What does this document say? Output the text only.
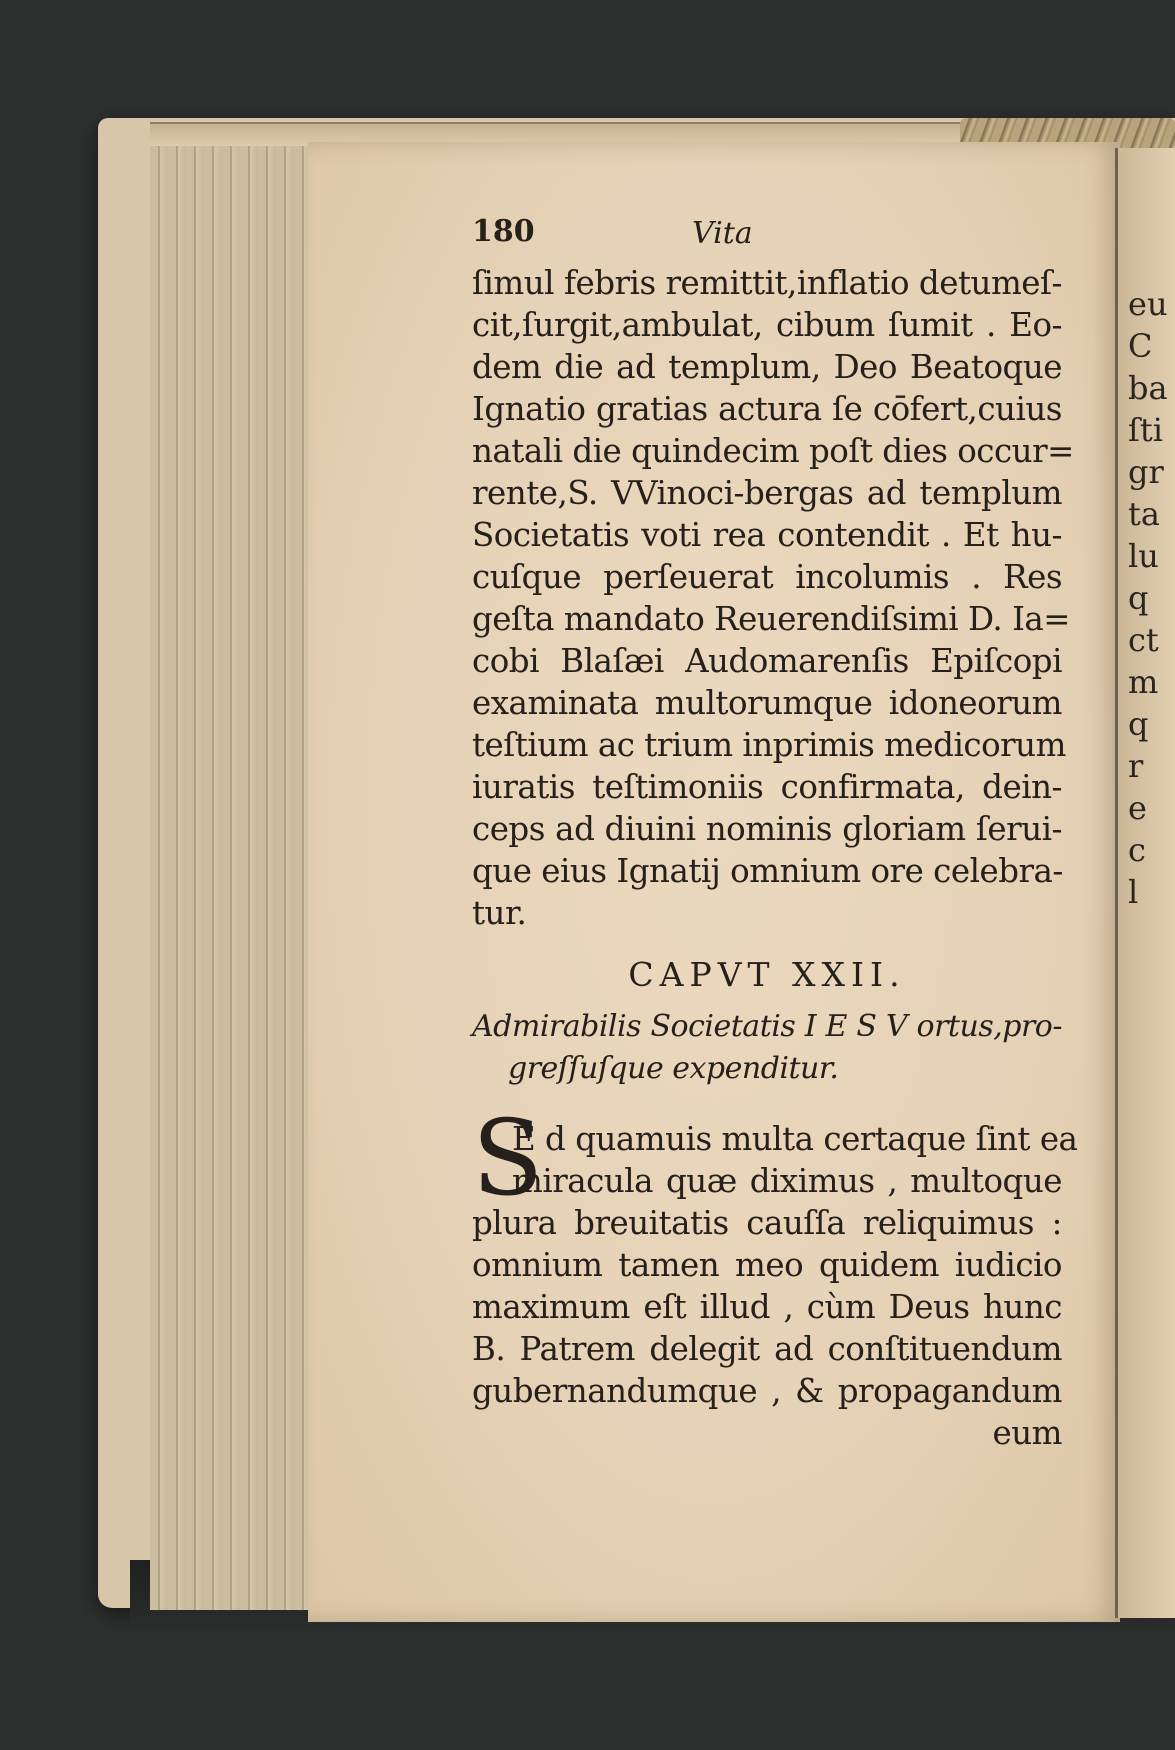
eu
C
ba
ſti
gr
ta
lu
q
ct
m
q
r
e
c
l
180	Vita
ſimul febris remittit,inflatio detumeſ-
cit,ſurgit,ambulat, cibum ſumit . Eo-
dem die ad templum, Deo Beatoque
Ignatio gratias actura ſe cōfert,cuius
natali die quindecim poſt dies occur=
rente,S. VVinoci-bergas ad templum
Societatis voti rea contendit . Et hu-
cuſque perſeuerat incolumis . Res
geſta mandato Reuerendiſsimi D. Ia=
cobi Blaſæi Audomarenſis Epiſcopi
examinata multorumque idoneorum
teſtium ac trium inprimis medicorum
iuratis teſtimoniis confirmata, dein-
ceps ad diuini nominis gloriam ſerui-
que eius Ignatij omnium ore celebra-
tur.
CAPVT XXII.
Admirabilis Societatis I E S V ortus,pro-
greſſuſque expenditur.
S
E d quamuis multa certaque ſint ea
miracula quæ diximus , multoque
plura breuitatis cauſſa reliquimus :
omnium tamen meo quidem iudicio
maximum eſt illud , cùm Deus hunc
B. Patrem delegit ad conſtituendum
gubernandumque , & propagandum
eum
